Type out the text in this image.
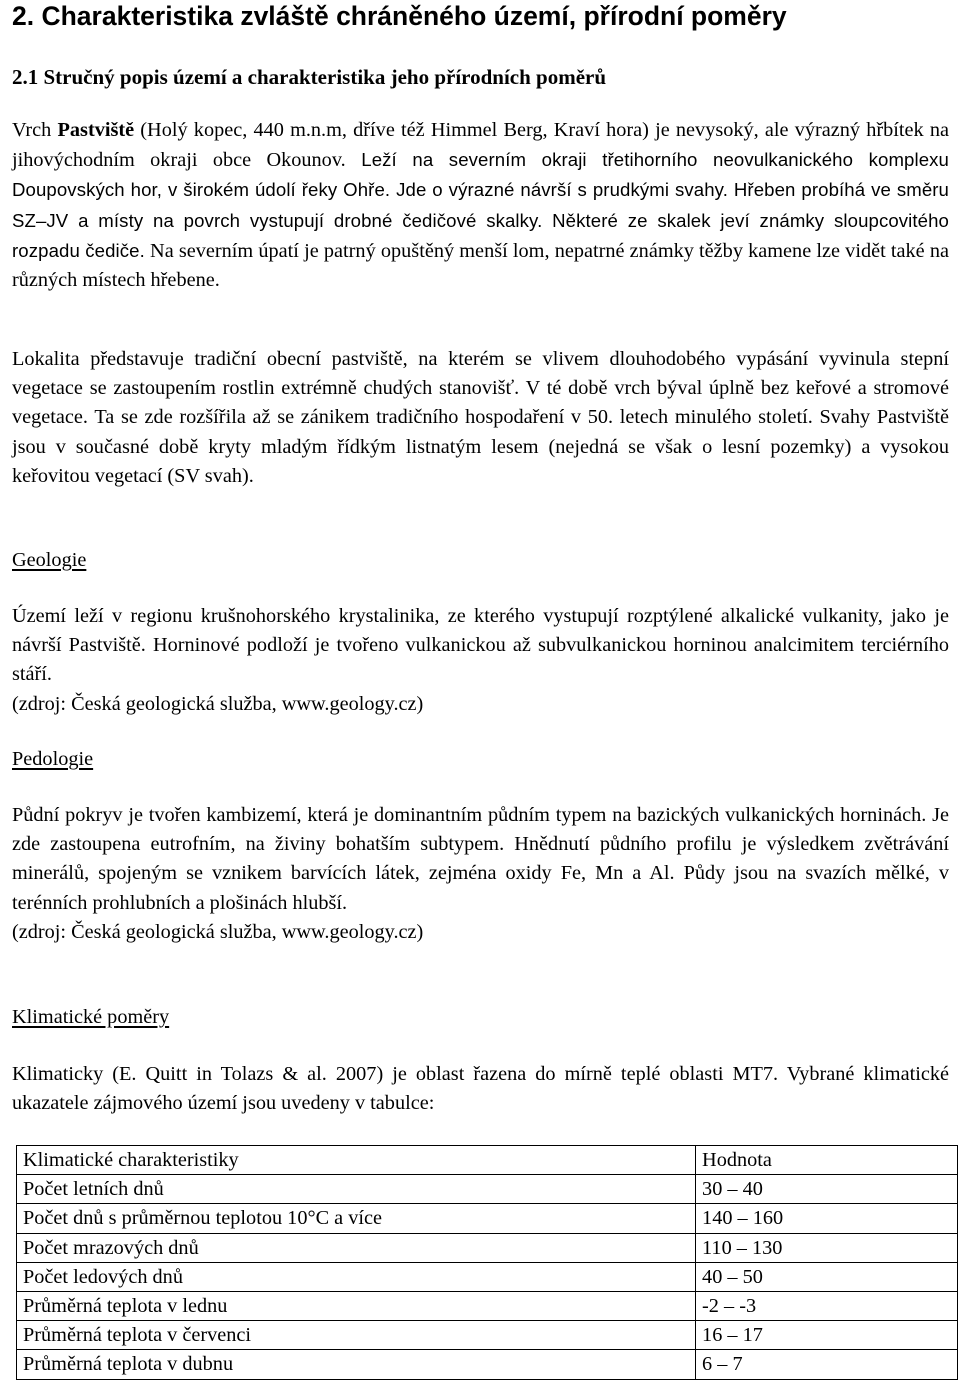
2. Charakteristika zvláště chráněného území, přírodní poměry
2.1 Stručný popis území a charakteristika jeho přírodních poměrů

Vrch Pastviště (Holý kopec, 440 m.n.m, dříve též Himmel Berg, Kraví hora) je nevysoký, ale výrazný hřbítek na jihovýchodním okraji obce Okounov. Leží na severním okraji třetihorního neovulkanického komplexu Doupovských hor, v širokém údolí řeky Ohře. Jde o výrazné návrší s prudkými svahy. Hřeben probíhá ve směru SZ–JV a místy na povrch vystupují drobné čedičové skalky. Některé ze skalek jeví známky sloupcovitého rozpadu čediče. Na severním úpatí je patrný opuštěný menší lom, nepatrné známky těžby kamene lze vidět také na různých místech hřebene.

Lokalita představuje tradiční obecní pastviště, na kterém se vlivem dlouhodobého vypásání vyvinula stepní vegetace se zastoupením rostlin extrémně chudých stanovišť. V té době vrch býval úplně bez keřové a stromové vegetace. Ta se zde rozšířila až se zánikem tradičního hospodaření v 50. letech minulého století. Svahy Pastviště jsou v současné době kryty mladým řídkým listnatým lesem (nejedná se však o lesní pozemky) a vysokou keřovitou vegetací (SV svah).

Geologie

Území leží v regionu krušnohorského krystalinika, ze kterého vystupují rozptýlené alkalické vulkanity, jako je návrší Pastviště. Horninové podloží je tvořeno vulkanickou až subvulkanickou horninou analcimitem terciérního stáří.
(zdroj: Česká geologická služba, www.geology.cz)

Pedologie

Půdní pokryv je tvořen kambizemí, která je dominantním půdním typem na bazických vulkanických horninách. Je zde zastoupena eutrofním, na živiny bohatším subtypem. Hnědnutí půdního profilu je výsledkem zvětrávání minerálů, spojeným se vznikem barvících látek, zejména oxidy Fe, Mn a Al. Půdy jsou na svazích mělké, v terénních prohlubních a plošinách hlubší.
(zdroj: Česká geologická služba, www.geology.cz)

Klimatické poměry

Klimaticky (E. Quitt in Tolazs & al. 2007) je oblast řazena do mírně teplé oblasti MT7. Vybrané klimatické ukazatele zájmového území jsou uvedeny v tabulce:

Klimatické charakteristiky	Hodnota
Počet letních dnů	30 – 40
Počet dnů s průměrnou teplotou 10°C a více	140 – 160
Počet mrazových dnů	110 – 130
Počet ledových dnů	40 – 50
Průměrná teplota v lednu	-2 – -3
Průměrná teplota v červenci	16 – 17
Průměrná teplota v dubnu	6 – 7
